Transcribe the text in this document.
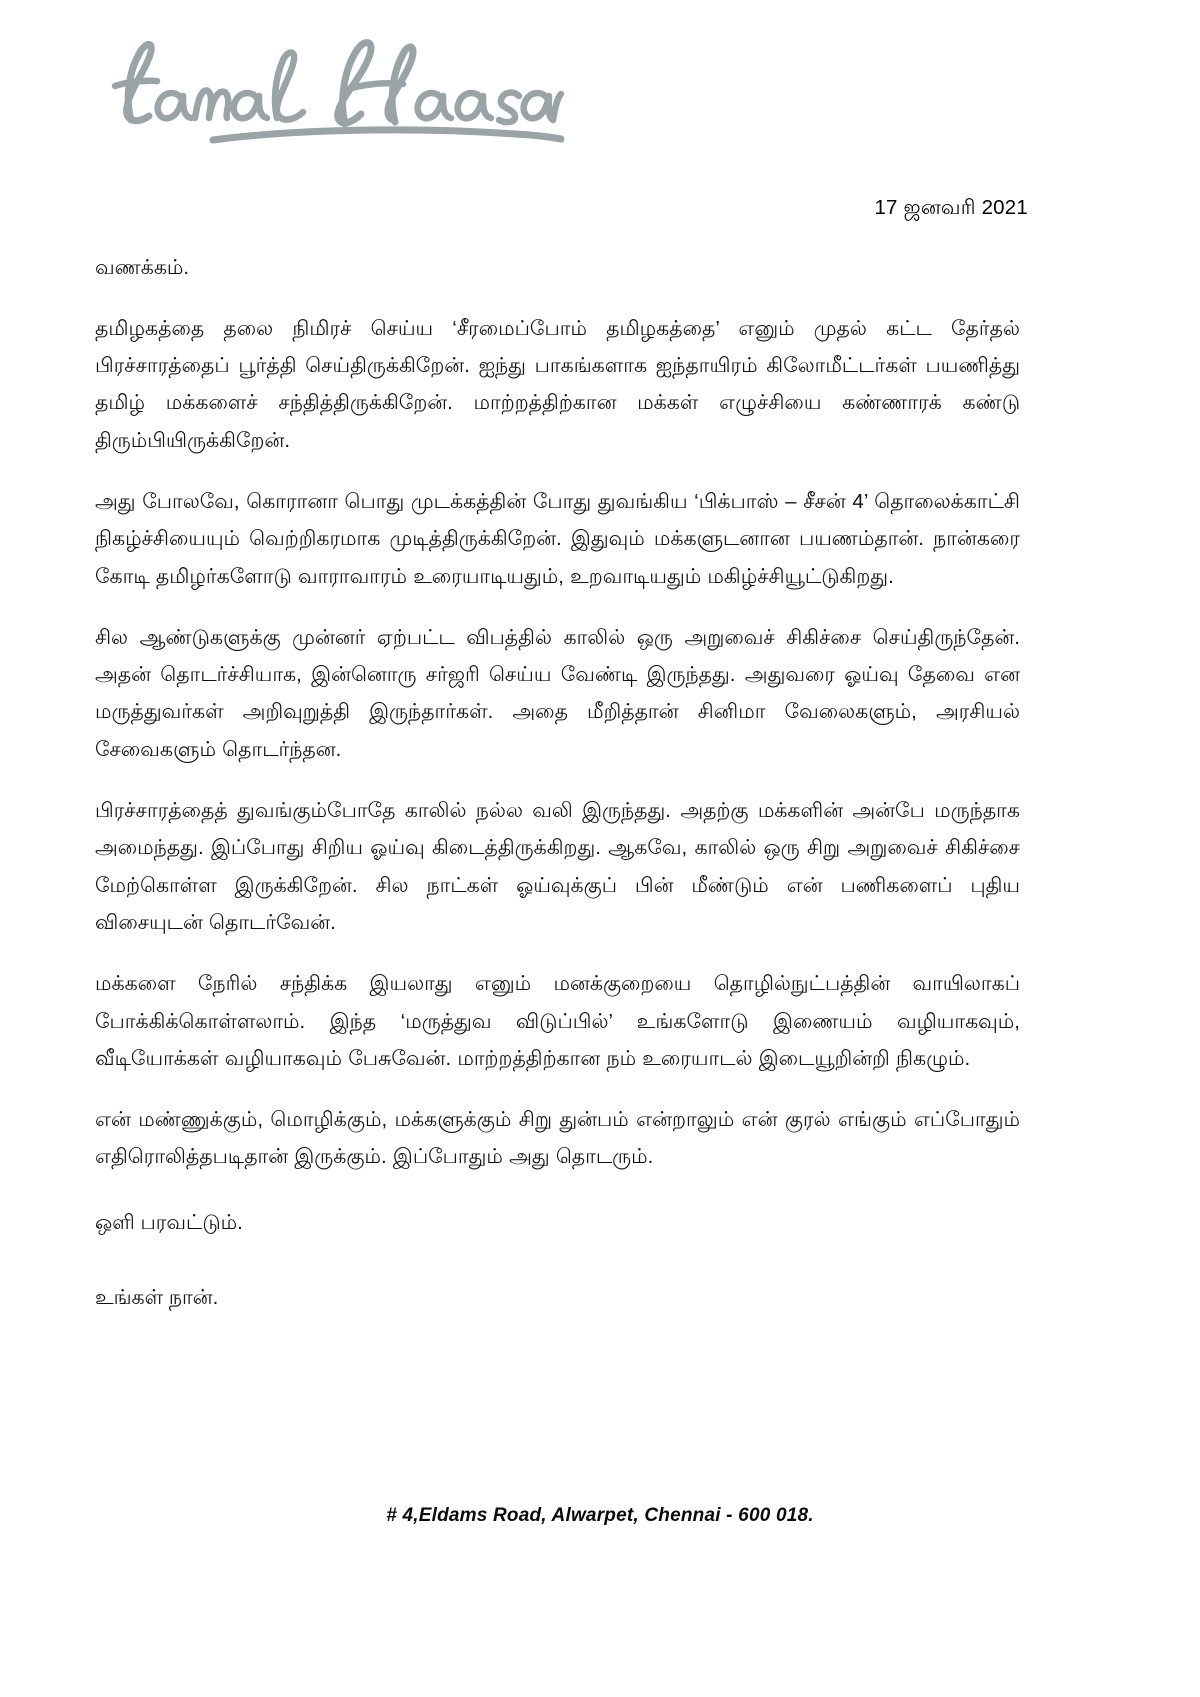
17 ஜனவரி 2021

வணக்கம்.

தமிழகத்தை தலை நிமிரச் செய்ய ‘சீரமைப்போம் தமிழகத்தை’ எனும் முதல் கட்ட தேர்தல் பிரச்சாரத்தைப் பூர்த்தி செய்திருக்கிறேன். ஐந்து பாகங்களாக ஐந்தாயிரம் கிலோமீட்டர்கள் பயணித்து தமிழ் மக்களைச் சந்தித்திருக்கிறேன். மாற்றத்திற்கான மக்கள் எழுச்சியை கண்ணாரக் கண்டு திரும்பியிருக்கிறேன்.

அது போலவே, கொரானா பொது முடக்கத்தின் போது துவங்கிய ‘பிக்பாஸ் – சீசன் 4’ தொலைக்காட்சி நிகழ்ச்சியையும் வெற்றிகரமாக முடித்திருக்கிறேன். இதுவும் மக்களுடனான பயணம்தான். நான்கரை கோடி தமிழர்களோடு வாராவாரம் உரையாடியதும், உறவாடியதும் மகிழ்ச்சியூட்டுகிறது.

சில ஆண்டுகளுக்கு முன்னர் ஏற்பட்ட விபத்தில் காலில் ஒரு அறுவைச் சிகிச்சை செய்திருந்தேன். அதன் தொடர்ச்சியாக, இன்னொரு சர்ஜரி செய்ய வேண்டி இருந்தது. அதுவரை ஓய்வு தேவை என மருத்துவர்கள் அறிவுறுத்தி இருந்தார்கள். அதை மீறித்தான் சினிமா வேலைகளும், அரசியல் சேவைகளும் தொடர்ந்தன.

பிரச்சாரத்தைத் துவங்கும்போதே காலில் நல்ல வலி இருந்தது. அதற்கு மக்களின் அன்பே மருந்தாக அமைந்தது. இப்போது சிறிய ஓய்வு கிடைத்திருக்கிறது. ஆகவே, காலில் ஒரு சிறு அறுவைச் சிகிச்சை மேற்கொள்ள இருக்கிறேன். சில நாட்கள் ஓய்வுக்குப் பின் மீண்டும் என் பணிகளைப் புதிய விசையுடன் தொடர்வேன்.

மக்களை நேரில் சந்திக்க இயலாது எனும் மனக்குறையை தொழில்நுட்பத்தின் வாயிலாகப் போக்கிக்கொள்ளலாம். இந்த ‘மருத்துவ விடுப்பில்’ உங்களோடு இணையம் வழியாகவும், வீடியோக்கள் வழியாகவும் பேசுவேன். மாற்றத்திற்கான நம் உரையாடல் இடையூறின்றி நிகழும்.

என் மண்ணுக்கும், மொழிக்கும், மக்களுக்கும் சிறு துன்பம் என்றாலும் என் குரல் எங்கும் எப்போதும் எதிரொலித்தபடிதான் இருக்கும். இப்போதும் அது தொடரும்.

ஒளி பரவட்டும்.

உங்கள் நான்.

# 4,Eldams Road, Alwarpet, Chennai - 600 018.
